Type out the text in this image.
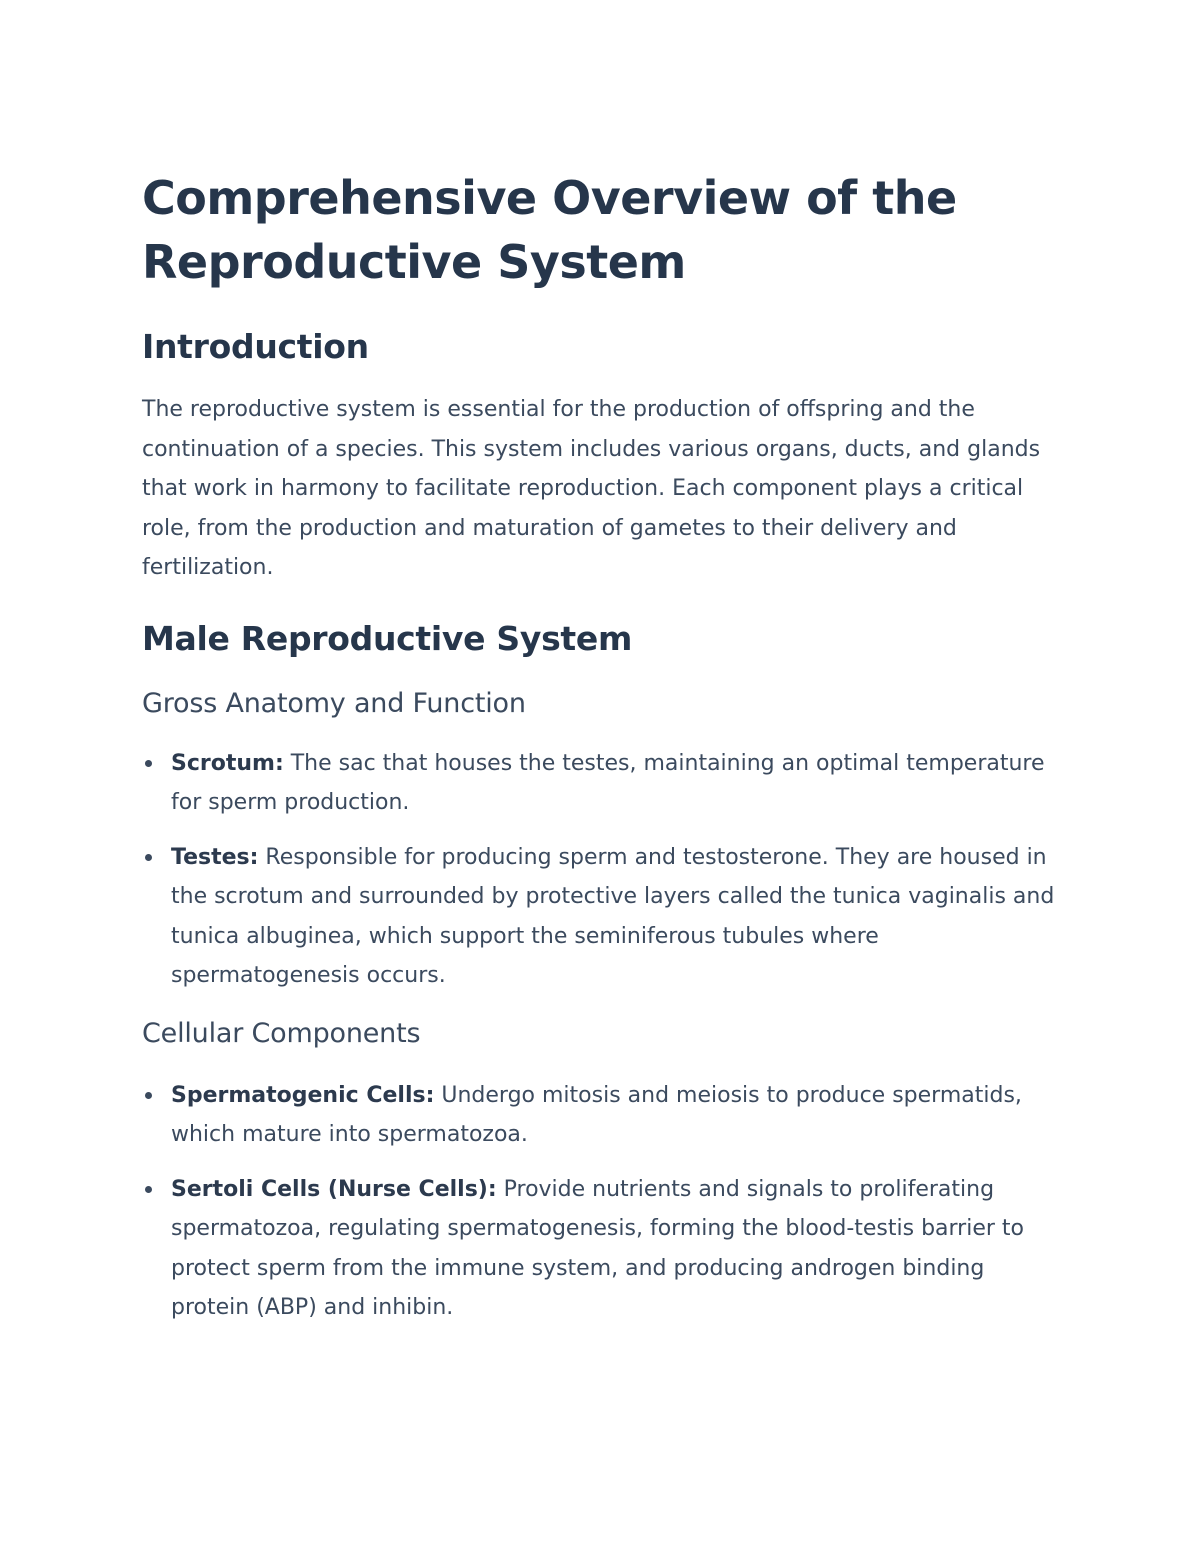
Comprehensive Overview of the Reproductive System
Introduction

The reproductive system is essential for the production of offspring and the continuation of a species. This system includes various organs, ducts, and glands that work in harmony to facilitate reproduction. Each component plays a critical role, from the production and maturation of gametes to their delivery and fertilization.

Male Reproductive System
Gross Anatomy and Function
Scrotum: The sac that houses the testes, maintaining an optimal temperature for sperm production.
Testes: Responsible for producing sperm and testosterone. They are housed in the scrotum and surrounded by protective layers called the tunica vaginalis and tunica albuginea, which support the seminiferous tubules where spermatogenesis occurs.
Cellular Components
Spermatogenic Cells: Undergo mitosis and meiosis to produce spermatids, which mature into spermatozoa.
Sertoli Cells (Nurse Cells): Provide nutrients and signals to proliferating spermatozoa, regulating spermatogenesis, forming the blood-testis barrier to protect sperm from the immune system, and producing androgen binding protein (ABP) and inhibin.
